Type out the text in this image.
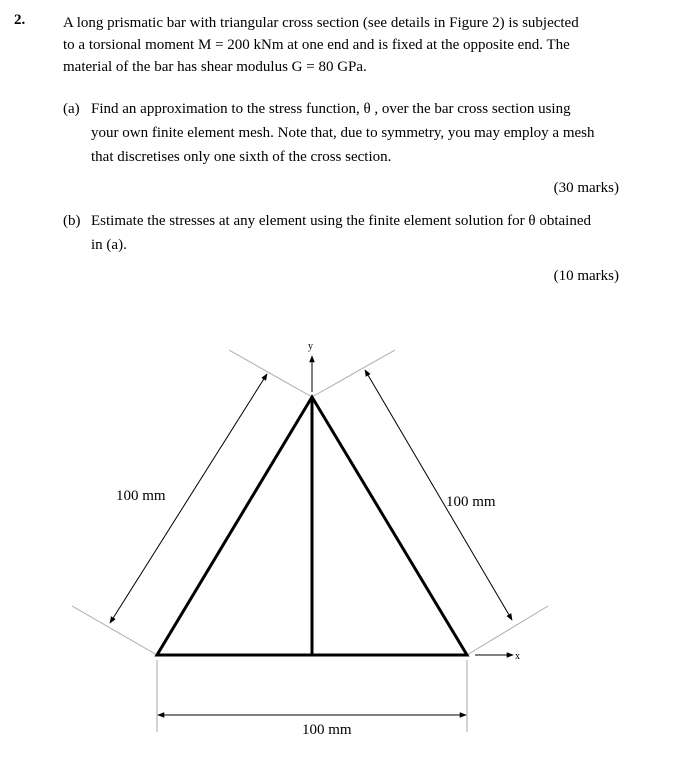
2.	A long prismatic bar with triangular cross section (see details in Figure 2) is subjected

to a torsional moment M = 200 kNm at one end and is fixed at the opposite end. The

material of the bar has shear modulus G = 80 GPa.

(a) Find an approximation to the stress function, θ , over the bar cross section using

your own finite element mesh. Note that, due to symmetry, you may employ a mesh

that discretises only one sixth of the cross section.

(30 marks)
(b) Estimate the stresses at any element using the finite element solution for θ obtained

in (a).

(10 marks)
y
x
100 mm	100 mm
100 mm
